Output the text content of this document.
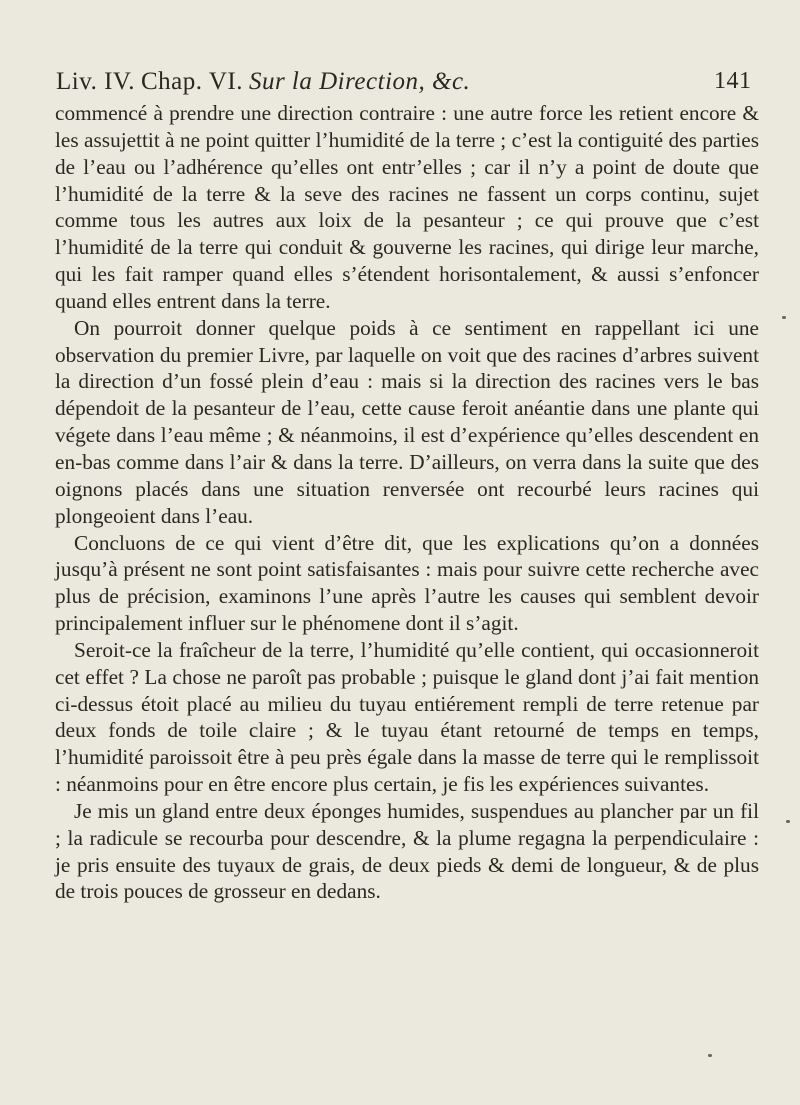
Liv. IV. Chap. VI. Sur la Direction, &c.	141

commencé à prendre une direction contraire : une autre force les retient encore & les assujettit à ne point quitter l’humidité de la terre ; c’est la contiguité des parties de l’eau ou l’adhérence qu’elles ont entr’elles ; car il n’y a point de doute que l’humidité de la terre & la seve des racines ne fassent un corps continu, sujet comme tous les autres aux loix de la pesanteur ; ce qui prouve que c’est l’humidité de la terre qui conduit & gouverne les racines, qui dirige leur marche, qui les fait ramper quand elles s’étendent horisontalement, & aussi s’enfoncer quand elles entrent dans la terre.

On pourroit donner quelque poids à ce sentiment en rappellant ici une observation du premier Livre, par laquelle on voit que des racines d’arbres suivent la direction d’un fossé plein d’eau : mais si la direction des racines vers le bas dépendoit de la pesanteur de l’eau, cette cause feroit anéantie dans une plante qui végete dans l’eau même ; & néanmoins, il est d’expérience qu’elles descendent en en-bas comme dans l’air & dans la terre. D’ailleurs, on verra dans la suite que des oignons placés dans une situation renversée ont recourbé leurs racines qui plongeoient dans l’eau.

Concluons de ce qui vient d’être dit, que les explications qu’on a données jusqu’à présent ne sont point satisfaisantes : mais pour suivre cette recherche avec plus de précision, examinons l’une après l’autre les causes qui semblent devoir principalement influer sur le phénomene dont il s’agit.

Seroit-ce la fraîcheur de la terre, l’humidité qu’elle contient, qui occasionneroit cet effet ? La chose ne paroît pas probable ; puisque le gland dont j’ai fait mention ci-dessus étoit placé au milieu du tuyau entiérement rempli de terre retenue par deux fonds de toile claire ; & le tuyau étant retourné de temps en temps, l’humidité paroissoit être à peu près égale dans la masse de terre qui le remplissoit : néanmoins pour en être encore plus certain, je fis les expériences suivantes.

Je mis un gland entre deux éponges humides, suspendues au plancher par un fil ; la radicule se recourba pour descendre, & la plume regagna la perpendiculaire : je pris ensuite des tuyaux de grais, de deux pieds & demi de longueur, & de plus de trois pouces de grosseur en dedans.
